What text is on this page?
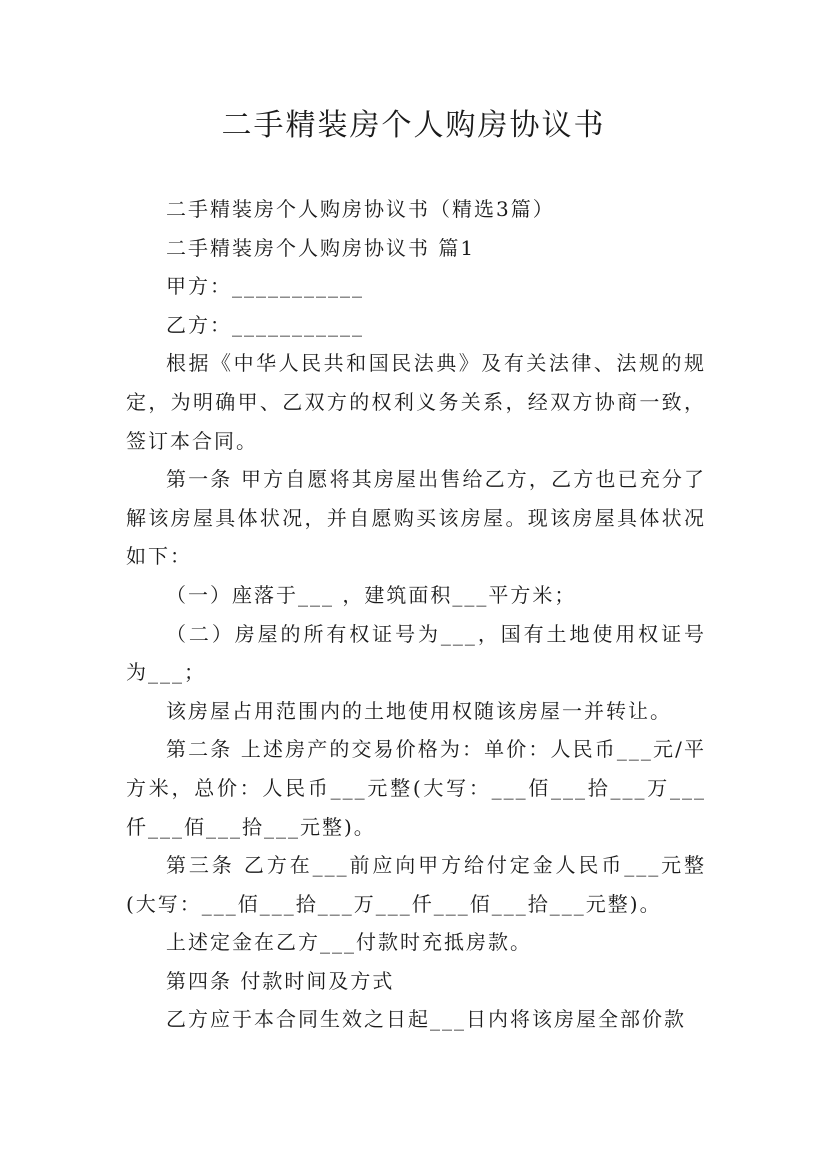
二手精装房个人购房协议书

二手精装房个人购房协议书（精选3篇）

二手精装房个人购房协议书 篇1

甲方：___________

乙方：___________

根据《中华人民共和国民法典》及有关法律、法规的规定，为明确甲、乙双方的权利义务关系，经双方协商一致，签订本合同。

第一条 甲方自愿将其房屋出售给乙方，乙方也已充分了解该房屋具体状况，并自愿购买该房屋。现该房屋具体状况如下：

（一）座落于___ ，建筑面积___平方米；

（二）房屋的所有权证号为___，国有土地使用权证号为___；

该房屋占用范围内的土地使用权随该房屋一并转让。

第二条 上述房产的交易价格为：单价：人民币___元/平方米，总价：人民币___元整(大写：___佰___拾___万___仟___佰___拾___元整)。

第三条 乙方在___前应向甲方给付定金人民币___元整(大写：___佰___拾___万___仟___佰___拾___元整)。

上述定金在乙方___付款时充抵房款。

第四条 付款时间及方式

乙方应于本合同生效之日起___日内将该房屋全部价款
